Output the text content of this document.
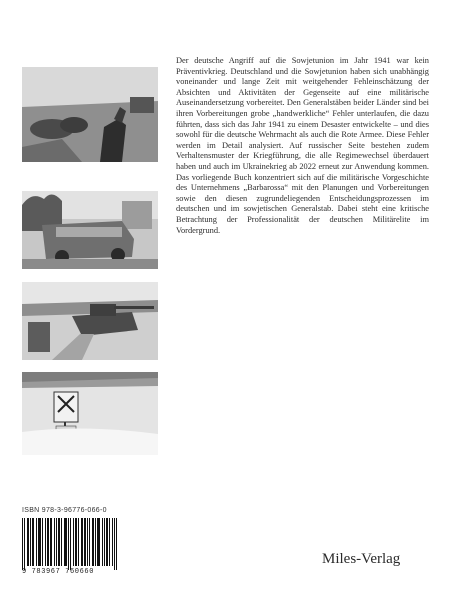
Der deutsche Angriff auf die Sowjetunion im Jahr 1941 war kein Präventivkrieg. Deutschland und die Sowjetunion haben sich unabhängig voneinander und lange Zeit mit weitgehender Fehleinschätzung der Absichten und Aktivitäten der Gegenseite auf eine militärische Auseinandersetzung vorbereitet. Den Generalstäben beider Länder sind bei ihren Vorbereitungen grobe „handwerkliche“ Fehler unterlaufen, die dazu führten, dass sich das Jahr 1941 zu einem Desaster entwickelte – und dies sowohl für die deutsche Wehrmacht als auch die Rote Armee. Diese Fehler werden im Detail analysiert. Auf russischer Seite bestehen zudem Verhaltensmuster der Kriegführung, die alle Regimewechsel überdauert haben und auch im Ukrainekrieg ab 2022 erneut zur Anwendung kommen. Das vorliegende Buch konzentriert sich auf die militärische Vorgeschichte des Unternehmens „Barbarossa“ mit den Planungen und Vorbereitungen sowie den diesen zugrundeliegenden Entscheidungsprozessen im deutschen und im sowjetischen Generalstab. Dabei steht eine kritische Betrachtung der Professionalität der deutschen Militärelite im Vordergrund.

ISBN 978-3-96776-066-0
9 783967 760660
Miles-Verlag
